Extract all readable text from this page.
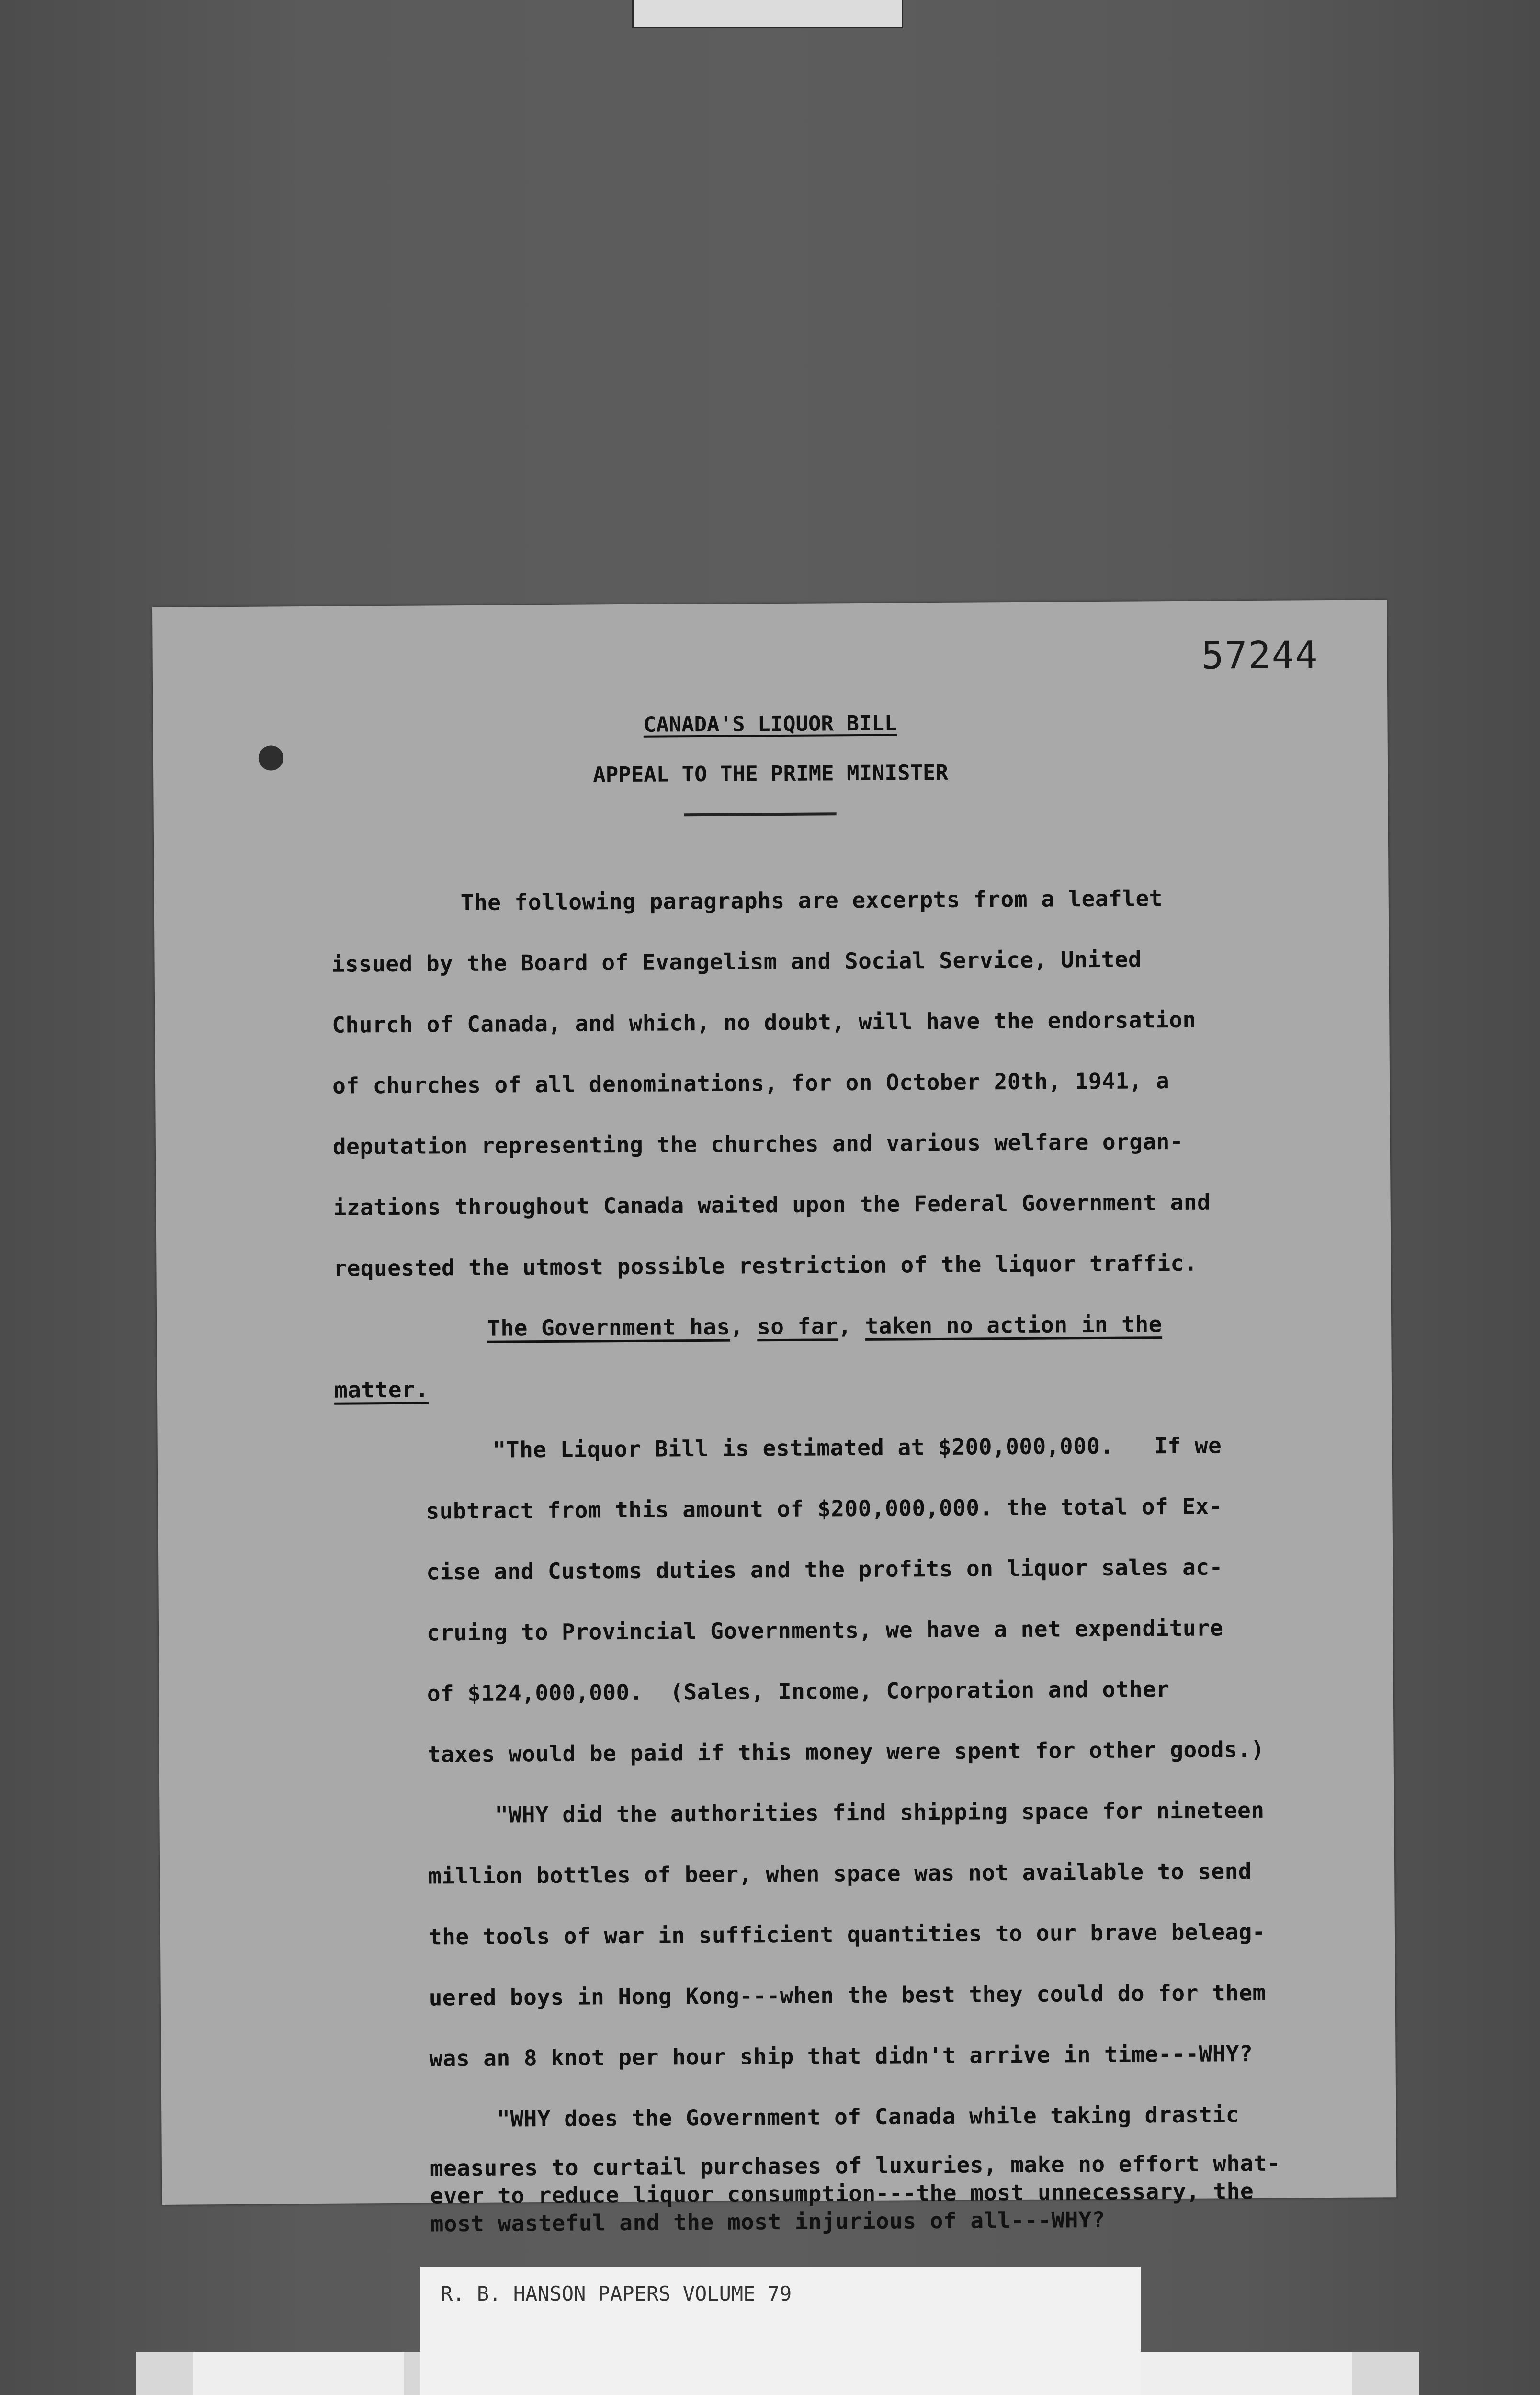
57244
CANADA'S LIQUOR BILL
APPEAL TO THE PRIME MINISTER
The following paragraphs are excerpts from a leaflet
issued by the Board of Evangelism and Social Service, United
Church of Canada, and which, no doubt, will have the endorsation
of churches of all denominations, for on October 20th, 1941, a
deputation representing the churches and various welfare organ-
izations throughout Canada waited upon the Federal Government and
requested the utmost possible restriction of the liquor traffic.
The Government has, so far, taken no action in the
matter.
"The Liquor Bill is estimated at $200,000,000.   If we
subtract from this amount of $200,000,000. the total of Ex-
cise and Customs duties and the profits on liquor sales ac-
cruing to Provincial Governments, we have a net expenditure
of $124,000,000.  (Sales, Income, Corporation and other
taxes would be paid if this money were spent for other goods.)
"WHY did the authorities find shipping space for nineteen
million bottles of beer, when space was not available to send
the tools of war in sufficient quantities to our brave beleag-
uered boys in Hong Kong---when the best they could do for them
was an 8 knot per hour ship that didn't arrive in time---WHY?
"WHY does the Government of Canada while taking drastic
measures to curtail purchases of luxuries, make no effort what-
ever to reduce liquor consumption---the most unnecessary, the
most wasteful and the most injurious of all---WHY?
R. B. HANSON PAPERS VOLUME 79
